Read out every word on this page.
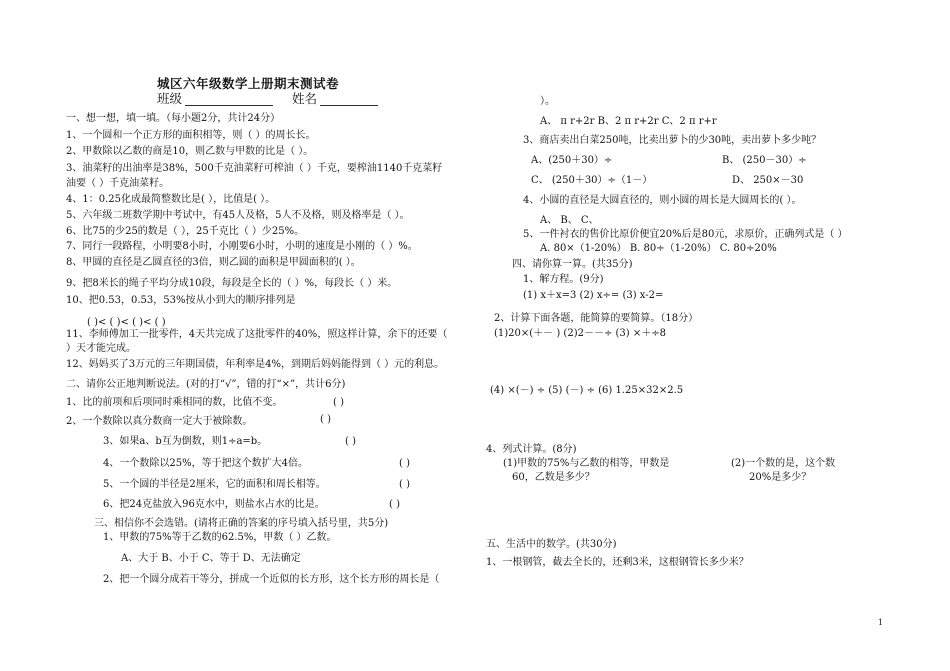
城区六年级数学上册期末测试卷
班级	姓名
一、想一想，填一填。（每小题2分，共计24分）
1、一个圆和一个正方形的面积相等，则（ ）的周长长。
2、甲数除以乙数的商是10，则乙数与甲数的比是（ ）。
3、油菜籽的出油率是38%，500千克油菜籽可榨油（ ）千克，要榨油1140千克菜籽
油要（ ）千克油菜籽。
4、1：0.25化成最简整数比是( ），比值是( ）。
5、六年级二班数学期中考试中，有45人及格，5人不及格，则及格率是（ ）。
6、比75的少25的数是（ ），25千克比（ ）少25%。
7、同行一段路程，小明要8小时，小刚要6小时，小明的速度是小刚的（ ）%。
8、甲圆的直径是乙圆直径的3倍，则乙圆的面积是甲圆面积的( ）。
9、把8米长的绳子平均分成10段，每段是全长的（ ）%，每段长（ ）米。
10、把0.53，0.53，53%按从小到大的顺序排列是
( )< ( )< ( )< ( )
11、李师傅加工一批零件，4天共完成了这批零件的40%，照这样计算，余下的还要（
）天才能完成。
12、妈妈买了3万元的三年期国债，年利率是4%，到期后妈妈能得到（ ）元的利息。
二、请你公正地判断说法。(对的打“√”，错的打“×”，共计6分)
1、比的前项和后项同时乘相同的数，比值不变。	( )
2、一个数除以真分数商一定大于被除数。	( )
3、如果a、b互为倒数，则1÷a=b。	( )
4、一个数除以25%，等于把这个数扩大4倍。	( )
5、一个圆的半径是2厘米，它的面积和周长相等。	( )
6、把24克盐放入96克水中，则盐水占水的比是。	( )
三、相信你不会选错。(请将正确的答案的序号填入括号里，共5分)
1、甲数的75%等于乙数的62.5%，甲数（ ）乙数。
A、大于 B、小于 C、等于 D、无法确定
2、把一个圆分成若干等分，拼成一个近似的长方形，这个长方形的周长是（
）。
A、 π r+2r B、2 π r+2r C、2 π r+r
3、商店卖出白菜250吨，比卖出萝卜的少30吨，卖出萝卜多少吨？
A、(250＋30）÷	B、 (250－30）÷
C、 (250＋30）÷（1－）	D、 250×－30
4、小圆的直径是大圆直径的，则小圆的周长是大圆周长的( ）。
A、 B、 C、
5、一件衬衣的售价比原价便宜20%后是80元，求原价，正确列式是（ ）
A. 80×（1-20%） B. 80÷（1-20%） C. 80÷20%
四、请你算一算。(共35分)
1、解方程。(9分)
(1) x＋x=3 (2) x÷= (3) x-2=
2、计算下面各题，能简算的要简算。（18分）
(1)20×(＋－ ) (2)2－－÷ (3) ×＋÷8
(4) ×(－) ÷ (5) (－) ÷ (6) 1.25×32×2.5
4、列式计算。(8分)
(1)甲数的75%与乙数的相等，甲数是
60，乙数是多少？
(2)一个数的是，这个数
20%是多少？
五、生活中的数学。(共30分)
1、一根钢管，截去全长的，还剩3米，这根钢管长多少米？
1
